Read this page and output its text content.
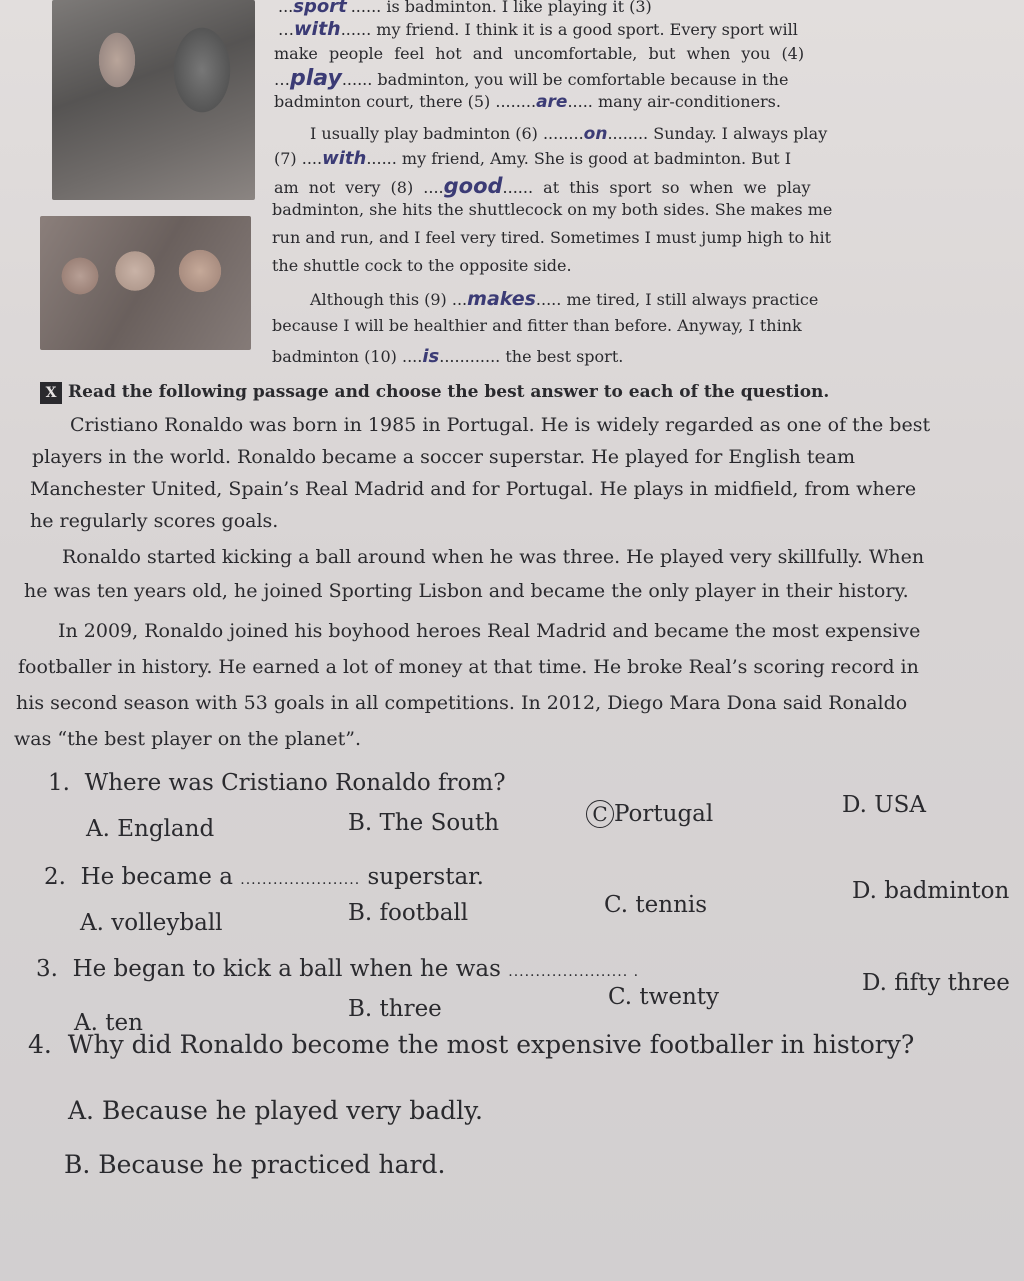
...sport ...... is badminton. I like playing it (3)
…with...... my friend. I think it is a good sport. Every sport will
make people feel hot and uncomfortable, but when you (4)
…play...... badminton, you will be comfortable because in the
badminton court, there (5) ........are..... many air-conditioners.
I usually play badminton (6) ........on........ Sunday. I always play
(7) ....with...... my friend, Amy. She is good at badminton. But I
am not very (8) ....good...... at this sport so when we play
badminton, she hits the shuttlecock on my both sides. She makes me
run and run, and I feel very tired. Sometimes I must jump high to hit
the shuttle cock to the opposite side.
Although this (9) ...makes..... me tired, I still always practice
because I will be healthier and fitter than before. Anyway, I think
badminton (10) ....is............ the best sport.
X Read the following passage and choose the best answer to each of the question.
Cristiano Ronaldo was born in 1985 in Portugal. He is widely regarded as one of the best
players in the world. Ronaldo became a soccer superstar. He played for English team
Manchester United, Spain’s Real Madrid and for Portugal. He plays in midfield, from where
he regularly scores goals.
Ronaldo started kicking a ball around when he was three. He played very skillfully. When
he was ten years old, he joined Sporting Lisbon and became the only player in their history.
In 2009, Ronaldo joined his boyhood heroes Real Madrid and became the most expensive
footballer in history. He earned a lot of money at that time. He broke Real’s scoring record in
his second season with 53 goals in all competitions. In 2012, Diego Mara Dona said Ronaldo
was “the best player on the planet”.
1. Where was Cristiano Ronaldo from?
A. England	B. The South	C Portugal	D. USA
2. He became a ...................... superstar.
A. volleyball	B. football	C. tennis
D. badminton
3. He began to kick a ball when he was ...................... .
A. ten
B. three	C. twenty
D. fifty three
4. Why did Ronaldo become the most expensive footballer in history?
A. Because he played very badly.
B. Because he practiced hard.
